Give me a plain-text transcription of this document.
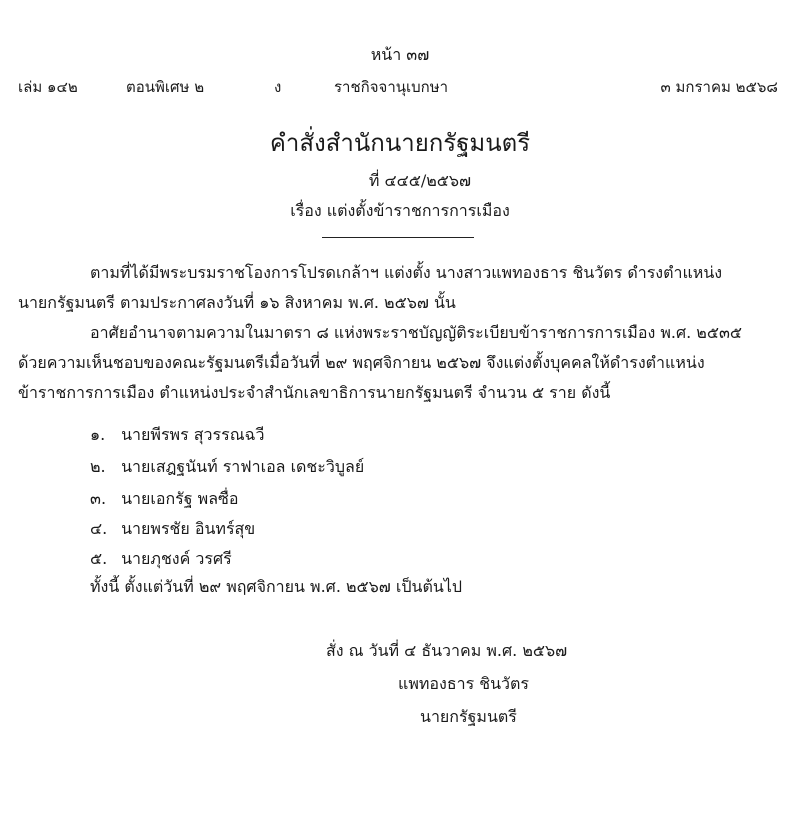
หน้า ๓๗
เล่ม ๑๔๒	ตอนพิเศษ ๒	ง	ราชกิจจานุเบกษา	๓ มกราคม ๒๕๖๘
คำสั่งสำนักนายกรัฐมนตรี
ที่ ๔๔๕/๒๕๖๗
เรื่อง แต่งตั้งข้าราชการการเมือง
ตามที่ได้มีพระบรมราชโองการโปรดเกล้าฯ แต่งตั้ง นางสาวแพทองธาร ชินวัตร ดำรงตำแหน่ง
นายกรัฐมนตรี ตามประกาศลงวันที่ ๑๖ สิงหาคม พ.ศ. ๒๕๖๗ นั้น
อาศัยอำนาจตามความในมาตรา ๘ แห่งพระราชบัญญัติระเบียบข้าราชการการเมือง พ.ศ. ๒๕๓๕
ด้วยความเห็นชอบของคณะรัฐมนตรีเมื่อวันที่ ๒๙ พฤศจิกายน ๒๕๖๗ จึงแต่งตั้งบุคคลให้ดำรงตำแหน่ง
ข้าราชการการเมือง ตำแหน่งประจำสำนักเลขาธิการนายกรัฐมนตรี จำนวน ๕ ราย ดังนี้
๑. นายพีรพร สุวรรณฉวี
๒. นายเสฎฐนันท์ ราฟาเอล เดชะวิบูลย์
๓. นายเอกรัฐ พลซื่อ
๔. นายพรชัย อินทร์สุข
๕. นายภุชงค์ วรศรี
ทั้งนี้ ตั้งแต่วันที่ ๒๙ พฤศจิกายน พ.ศ. ๒๕๖๗ เป็นต้นไป
สั่ง ณ วันที่ ๔ ธันวาคม พ.ศ. ๒๕๖๗
แพทองธาร ชินวัตร
นายกรัฐมนตรี
